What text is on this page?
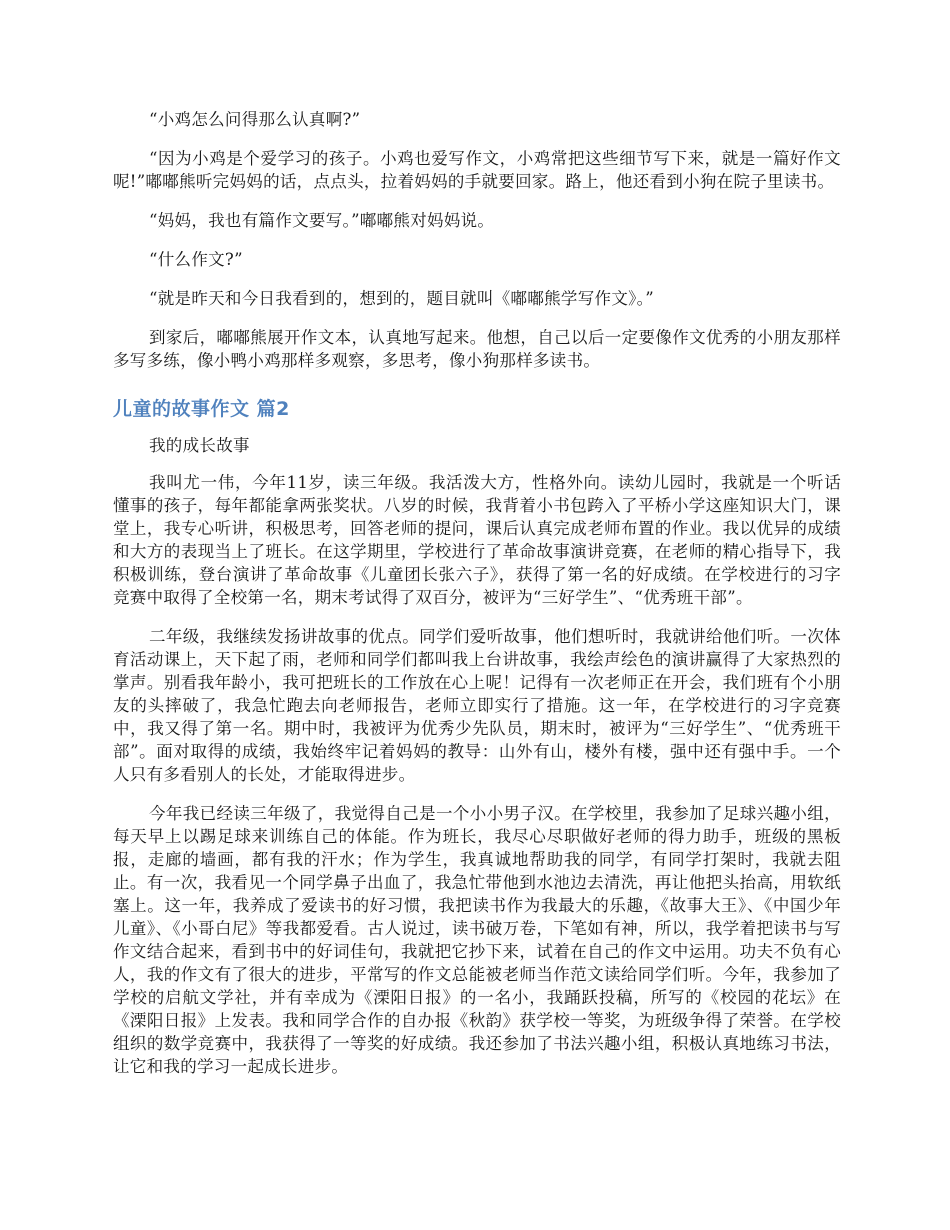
“小鸡怎么问得那么认真啊?”

“因为小鸡是个爱学习的孩子。小鸡也爱写作文，小鸡常把这些细节写下来，就是一篇好作文呢!”嘟嘟熊听完妈妈的话，点点头，拉着妈妈的手就要回家。路上，他还看到小狗在院子里读书。

“妈妈，我也有篇作文要写。”嘟嘟熊对妈妈说。

“什么作文?”

“就是昨天和今日我看到的，想到的，题目就叫《嘟嘟熊学写作文》。”

到家后，嘟嘟熊展开作文本，认真地写起来。他想，自己以后一定要像作文优秀的小朋友那样多写多练，像小鸭小鸡那样多观察，多思考，像小狗那样多读书。

儿童的故事作文 篇2

我的成长故事

我叫尤一伟，今年11岁，读三年级。我活泼大方，性格外向。读幼儿园时，我就是一个听话懂事的孩子，每年都能拿两张奖状。八岁的时候，我背着小书包跨入了平桥小学这座知识大门，课堂上，我专心听讲，积极思考，回答老师的提问，课后认真完成老师布置的作业。我以优异的成绩和大方的表现当上了班长。在这学期里，学校进行了革命故事演讲竞赛，在老师的精心指导下，我积极训练，登台演讲了革命故事《儿童团长张六子》，获得了第一名的好成绩。在学校进行的习字竞赛中取得了全校第一名，期末考试得了双百分，被评为“三好学生”、“优秀班干部”。

二年级，我继续发扬讲故事的优点。同学们爱听故事，他们想听时，我就讲给他们听。一次体育活动课上，天下起了雨，老师和同学们都叫我上台讲故事，我绘声绘色的演讲赢得了大家热烈的掌声。别看我年龄小，我可把班长的工作放在心上呢！记得有一次老师正在开会，我们班有个小朋友的头摔破了，我急忙跑去向老师报告，老师立即实行了措施。这一年，在学校进行的习字竞赛中，我又得了第一名。期中时，我被评为优秀少先队员，期末时，被评为“三好学生”、“优秀班干部”。面对取得的成绩，我始终牢记着妈妈的教导：山外有山，楼外有楼，强中还有强中手。一个人只有多看别人的长处，才能取得进步。

今年我已经读三年级了，我觉得自己是一个小小男子汉。在学校里，我参加了足球兴趣小组，每天早上以踢足球来训练自己的体能。作为班长，我尽心尽职做好老师的得力助手，班级的黑板报，走廊的墙画，都有我的汗水；作为学生，我真诚地帮助我的同学，有同学打架时，我就去阻止。有一次，我看见一个同学鼻子出血了，我急忙带他到水池边去清洗，再让他把头抬高，用软纸塞上。这一年，我养成了爱读书的好习惯，我把读书作为我最大的乐趣，《故事大王》、《中国少年儿童》、《小哥白尼》等我都爱看。古人说过，读书破万卷，下笔如有神，所以，我学着把读书与写作文结合起来，看到书中的好词佳句，我就把它抄下来，试着在自己的作文中运用。功夫不负有心人，我的作文有了很大的进步，平常写的作文总能被老师当作范文读给同学们听。今年，我参加了学校的启航文学社，并有幸成为《溧阳日报》的一名小，我踊跃投稿，所写的《校园的花坛》在《溧阳日报》上发表。我和同学合作的自办报《秋韵》获学校一等奖，为班级争得了荣誉。在学校组织的数学竞赛中，我获得了一等奖的好成绩。我还参加了书法兴趣小组，积极认真地练习书法，让它和我的学习一起成长进步。
